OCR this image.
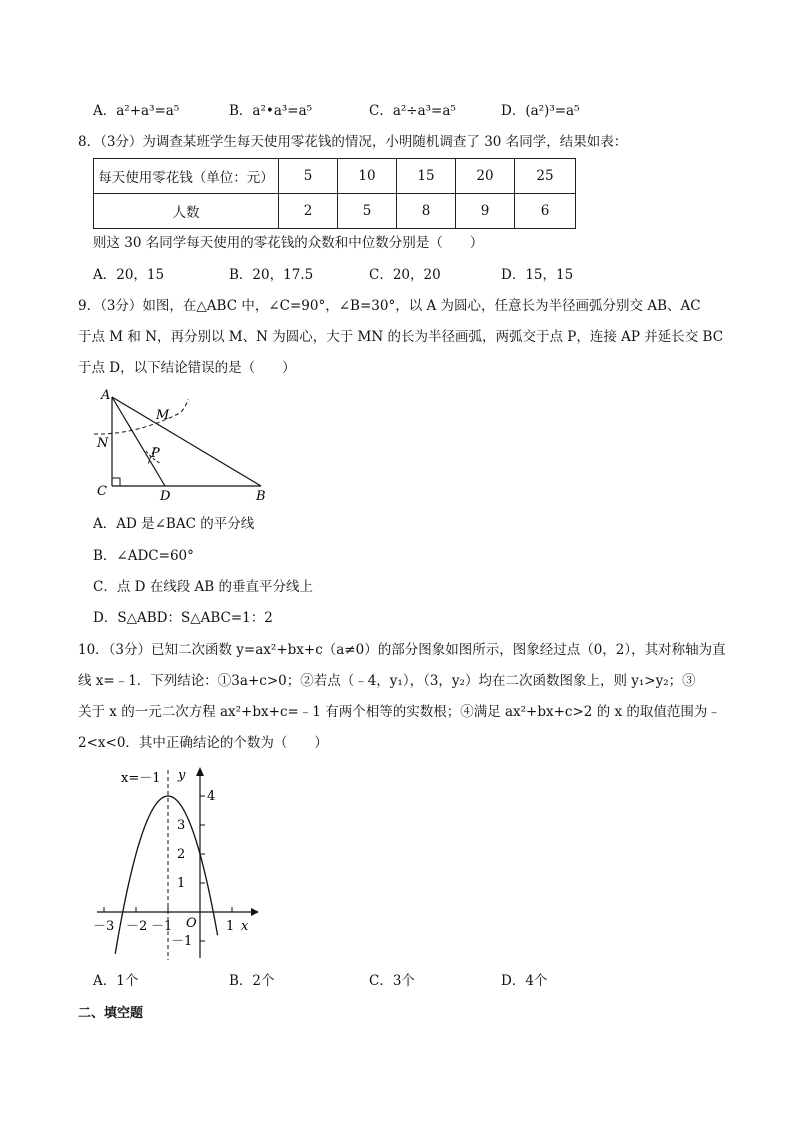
A．a²+a³=a⁵	B．a²•a³=a⁵	C．a²÷a³=a⁵	D．(a²)³=a⁵
8．（3分）为调查某班学生每天使用零花钱的情况，小明随机调查了 30 名同学，结果如表：
每天使用零花钱（单位：元）	5	10	15	20	25
人数	2	5	8	9	6
则这 30 名同学每天使用的零花钱的众数和中位数分别是（　　）
A．20，15	B．20，17.5	C．20，20	D．15，15
9．（3分）如图，在△ABC 中，∠C=90°，∠B=30°，以 A 为圆心，任意长为半径画弧分别交 AB、AC
于点 M 和 N，再分别以 M、N 为圆心，大于 MN 的长为半径画弧，两弧交于点 P，连接 AP 并延长交 BC
于点 D，以下结论错误的是（　　）
A
M
N
P
C	D	B
A．AD 是∠BAC 的平分线
B．∠ADC=60°
C．点 D 在线段 AB 的垂直平分线上
D．S△ABD：S△ABC=1：2
10．（3分）已知二次函数 y=ax²+bx+c（a≠0）的部分图象如图所示，图象经过点（0，2），其对称轴为直
线 x=﹣1．下列结论：①3a+c>0；②若点（﹣4，y₁），（3，y₂）均在二次函数图象上，则 y₁>y₂；③
关于 x 的一元二次方程 ax²+bx+c=﹣1 有两个相等的实数根；④满足 ax²+bx+c>2 的 x 的取值范围为﹣
2<x<0．其中正确结论的个数为（　　）
x=－1 y
x
O
4
3
2
1
－1
－3 －2 －1	1
A．1个	B．2个	C．3个	D．4个
二、填空题
